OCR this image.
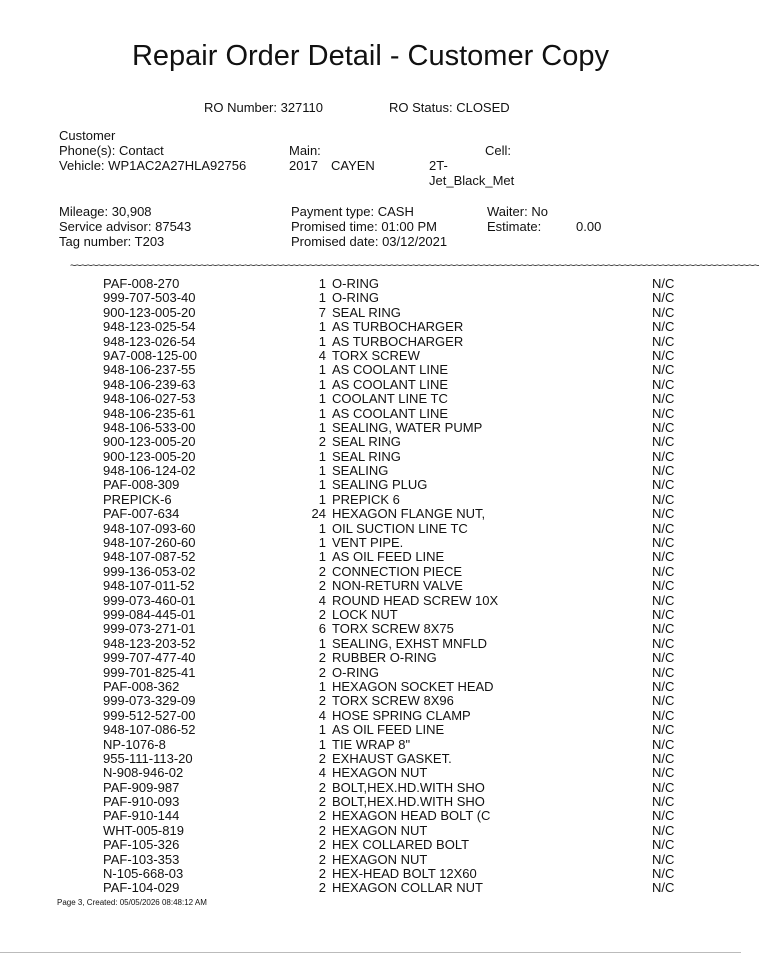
Repair Order Detail - Customer Copy
RO Number: 327110	RO Status: CLOSED
Customer
Phone(s): Contact
Vehicle: WP1AC2A27HLA92756
Main:	Cell:
2017 CAYEN	2T-
Jet_Black_Met
Mileage: 30,908
Service advisor: 87543
Tag number: T203
Payment type: CASH
Promised time: 01:00 PM
Promised date: 03/12/2021
Waiter: No
Estimate:	0.00
~~~~~~~~~~~~~~~~~~~~~~~~~~~~~~~~~~~~~~~~~~~~~~~~~~~~~~~~~~~~~~~~~~~~~~~~~~~~~~~~~~~~~~~~~~~~~~~~~~~~~~~~~~~~~~~~~~~~~~~~~~~~~~~
PAF-008-270	1 O-RING	N/C
999-707-503-40	1 O-RING	N/C
900-123-005-20	7 SEAL RING	N/C
948-123-025-54	1 AS TURBOCHARGER	N/C
948-123-026-54	1 AS TURBOCHARGER	N/C
9A7-008-125-00	4 TORX SCREW	N/C
948-106-237-55	1 AS COOLANT LINE	N/C
948-106-239-63	1 AS COOLANT LINE	N/C
948-106-027-53	1 COOLANT LINE TC	N/C
948-106-235-61	1 AS COOLANT LINE	N/C
948-106-533-00	1 SEALING, WATER PUMP	N/C
900-123-005-20	2 SEAL RING	N/C
900-123-005-20	1 SEAL RING	N/C
948-106-124-02	1 SEALING	N/C
PAF-008-309	1 SEALING PLUG	N/C
PREPICK-6	1 PREPICK 6	N/C
PAF-007-634	24 HEXAGON FLANGE NUT,	N/C
948-107-093-60	1 OIL SUCTION LINE TC	N/C
948-107-260-60	1 VENT PIPE.	N/C
948-107-087-52	1 AS OIL FEED LINE	N/C
999-136-053-02	2 CONNECTION PIECE	N/C
948-107-011-52	2 NON-RETURN VALVE	N/C
999-073-460-01	4 ROUND HEAD SCREW 10X	N/C
999-084-445-01	2 LOCK NUT	N/C
999-073-271-01	6 TORX SCREW 8X75	N/C
948-123-203-52	1 SEALING, EXHST MNFLD	N/C
999-707-477-40	2 RUBBER O-RING	N/C
999-701-825-41	2 O-RING	N/C
PAF-008-362	1 HEXAGON SOCKET HEAD	N/C
999-073-329-09	2 TORX SCREW 8X96	N/C
999-512-527-00	4 HOSE SPRING CLAMP	N/C
948-107-086-52	1 AS OIL FEED LINE	N/C
NP-1076-8	1 TIE WRAP 8"	N/C
955-111-113-20	2 EXHAUST GASKET.	N/C
N-908-946-02	4 HEXAGON NUT	N/C
PAF-909-987	2 BOLT,HEX.HD.WITH SHO	N/C
PAF-910-093	2 BOLT,HEX.HD.WITH SHO	N/C
PAF-910-144	2 HEXAGON HEAD BOLT (C	N/C
WHT-005-819	2 HEXAGON NUT	N/C
PAF-105-326	2 HEX COLLARED BOLT	N/C
PAF-103-353	2 HEXAGON NUT	N/C
N-105-668-03	2 HEX-HEAD BOLT 12X60	N/C
PAF-104-029	2 HEXAGON COLLAR NUT	N/C
Page 3, Created: 05/05/2026 08:48:12 AM
